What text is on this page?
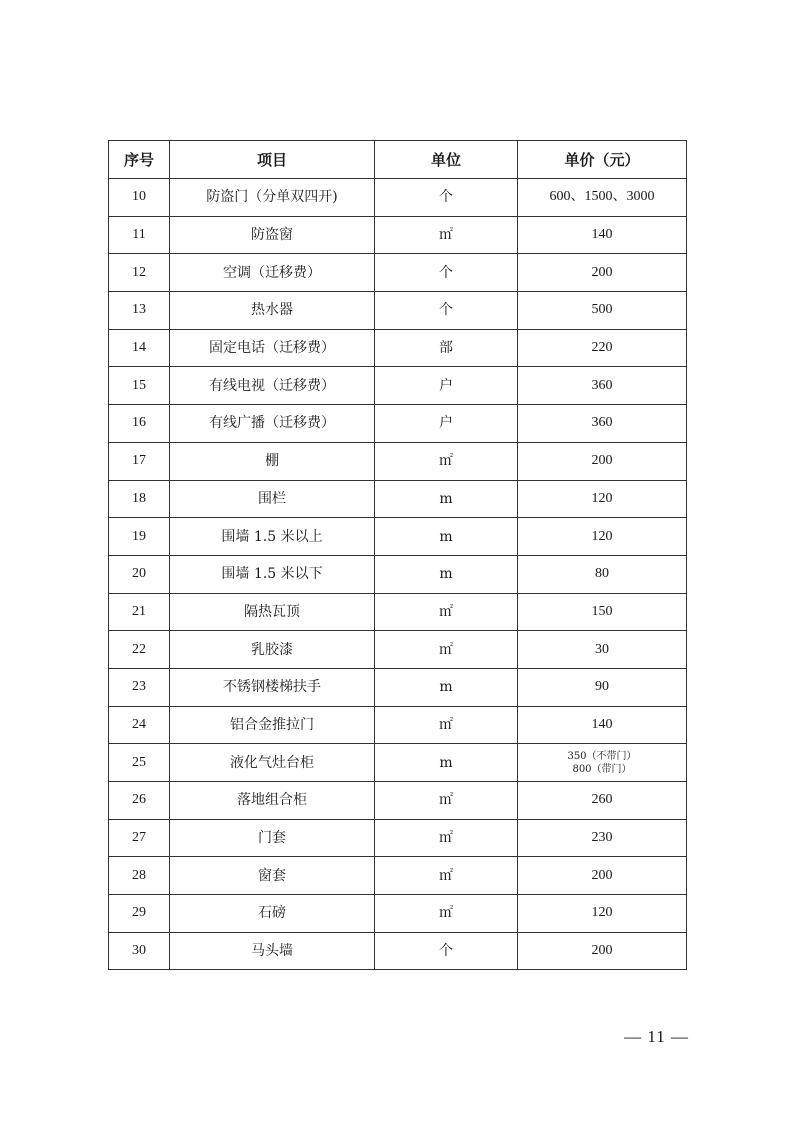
序号	项目	单位	单价（元）
10	防盗门（分单双四开)	个	600、1500、3000
11	防盗窗	㎡	140
12	空调（迁移费）	个	200
13	热水器	个	500
14	固定电话（迁移费）	部	220
15	有线电视（迁移费）	户	360
16	有线广播（迁移费）	户	360
17	棚	㎡	200
18	围栏	m	120
19	围墙 1.5 米以上	m	120
20	围墙 1.5 米以下	m	80
21	隔热瓦顶	㎡	150
22	乳胶漆	㎡	30
23	不锈钢楼梯扶手	m	90
24	铝合金推拉门	㎡	140
25	液化气灶台柜	m	350（不带门）
800（带门）

26	落地组合柜	㎡	260
27	门套	㎡	230
28	窗套	㎡	200
29	石磅	㎡	120
30	马头墙	个	200
— 11 —
